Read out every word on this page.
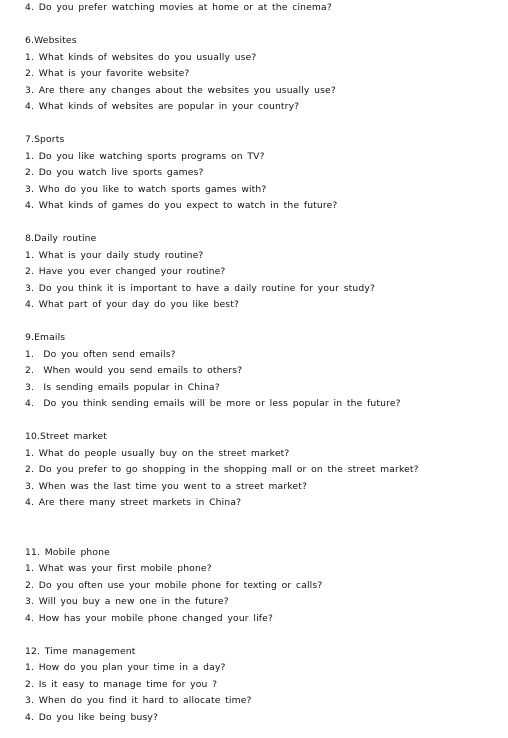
4. Do you prefer watching movies at home or at the cinema?
6.Websites
1. What kinds of websites do you usually use?
2. What is your favorite website?
3. Are there any changes about the websites you usually use?
4. What kinds of websites are popular in your country?
7.Sports
1. Do you like watching sports programs on TV?
2. Do you watch live sports games?
3. Who do you like to watch sports games with?
4. What kinds of games do you expect to watch in the future?
8.Daily routine
1. What is your daily study routine?
2. Have you ever changed your routine?
3. Do you think it is important to have a daily routine for your study?
4. What part of your day do you like best?
9.Emails
1.  Do you often send emails?
2.  When would you send emails to others?
3.  Is sending emails popular in China?
4.  Do you think sending emails will be more or less popular in the future?
10.Street market
1. What do people usually buy on the street market?
2. Do you prefer to go shopping in the shopping mall or on the street market?
3. When was the last time you went to a street market?
4. Are there many street markets in China?
11. Mobile phone
1. What was your first mobile phone?
2. Do you often use your mobile phone for texting or calls?
3. Will you buy a new one in the future?
4. How has your mobile phone changed your life?
12. Time management
1. How do you plan your time in a day?
2. Is it easy to manage time for you ?
3. When do you find it hard to allocate time?
4. Do you like being busy?
